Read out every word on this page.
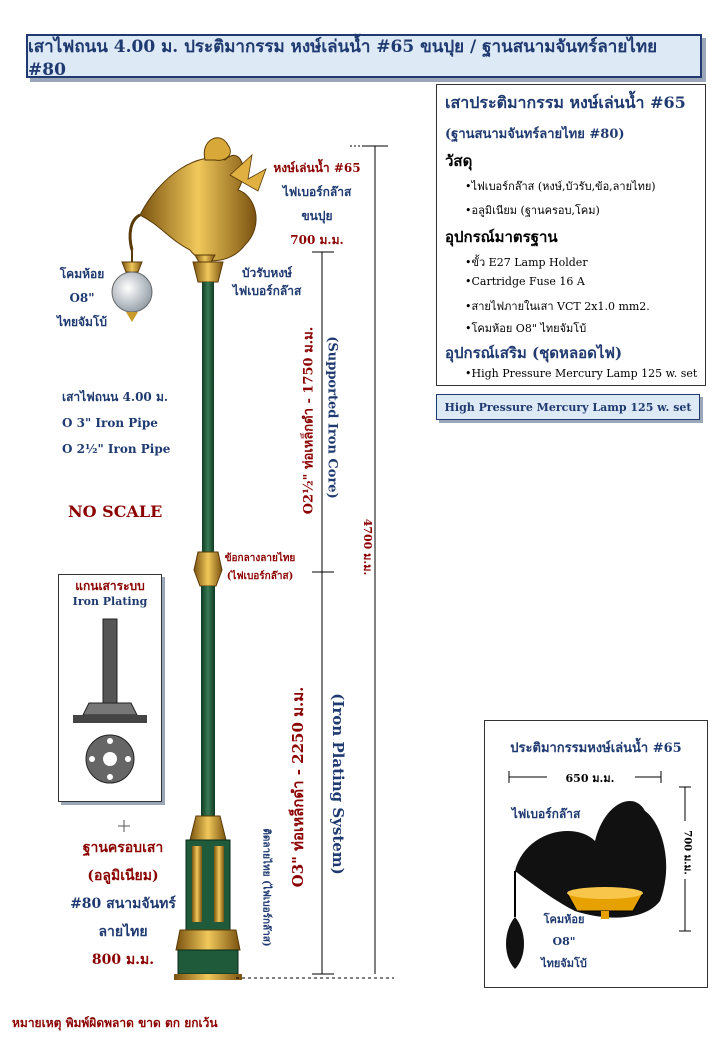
เสาไฟถนน 4.00 ม. ประติมากรรม หงษ์เล่นน้ำ #65 ขนปุย / ฐานสนามจันทร์ลายไทย #80
เสาประติมากรรม หงษ์เล่นน้ำ #65
(ฐานสนามจันทร์ลายไทย #80)
วัสดุ
•ไฟเบอร์กล๊าส (หงษ์,บัวรับ,ข้อ,ลายไทย)
•อลูมิเนียม (ฐานครอบ,โคม)
อุปกรณ์มาตรฐาน
•ขั้ว E27 Lamp Holder
•Cartridge Fuse 16 A
•สายไฟภายในเสา VCT 2x1.0 mm2.
•โคมห้อย O8" ไทยจัมโบ้
อุปกรณ์เสริม (ชุดหลอดไฟ)
•High Pressure Mercury Lamp 125 w. set
High Pressure Mercury Lamp 125 w. set
หงษ์เล่นน้ำ #65
ไฟเบอร์กล๊าส
ขนปุย
700 ม.ม.
บัวรับหงษ์
ไฟเบอร์กล๊าส
โคมห้อย
O8"
ไทยจัมโบ้
เสาไฟถนน 4.00 ม.
O 3" Iron Pipe
O 2½" Iron Pipe
NO SCALE
ข้อกลางลายไทย
(ไฟเบอร์กล๊าส)
ฐานครอบเสา
(อลูมิเนียม)
#80 สนามจันทร์
ลายไทย
800 ม.ม.
ติดลายไทย (ไฟเบอร์กล๊าส)
O2½" ท่อเหล็กดำ - 1750 ม.ม. (Supported Iron Core)
4700 ม.ม.
O3" ท่อเหล็กดำ - 2250 ม.ม. (Iron Plating System)
แกนเสาระบบ
Iron Plating
ประติมากรรมหงษ์เล่นน้ำ #65
650 ม.ม.
ไฟเบอร์กล๊าส
700 ม.ม.
โคมห้อย
O8"
ไทยจัมโบ้
หมายเหตุ พิมพ์ผิดพลาด ขาด ตก ยกเว้น
